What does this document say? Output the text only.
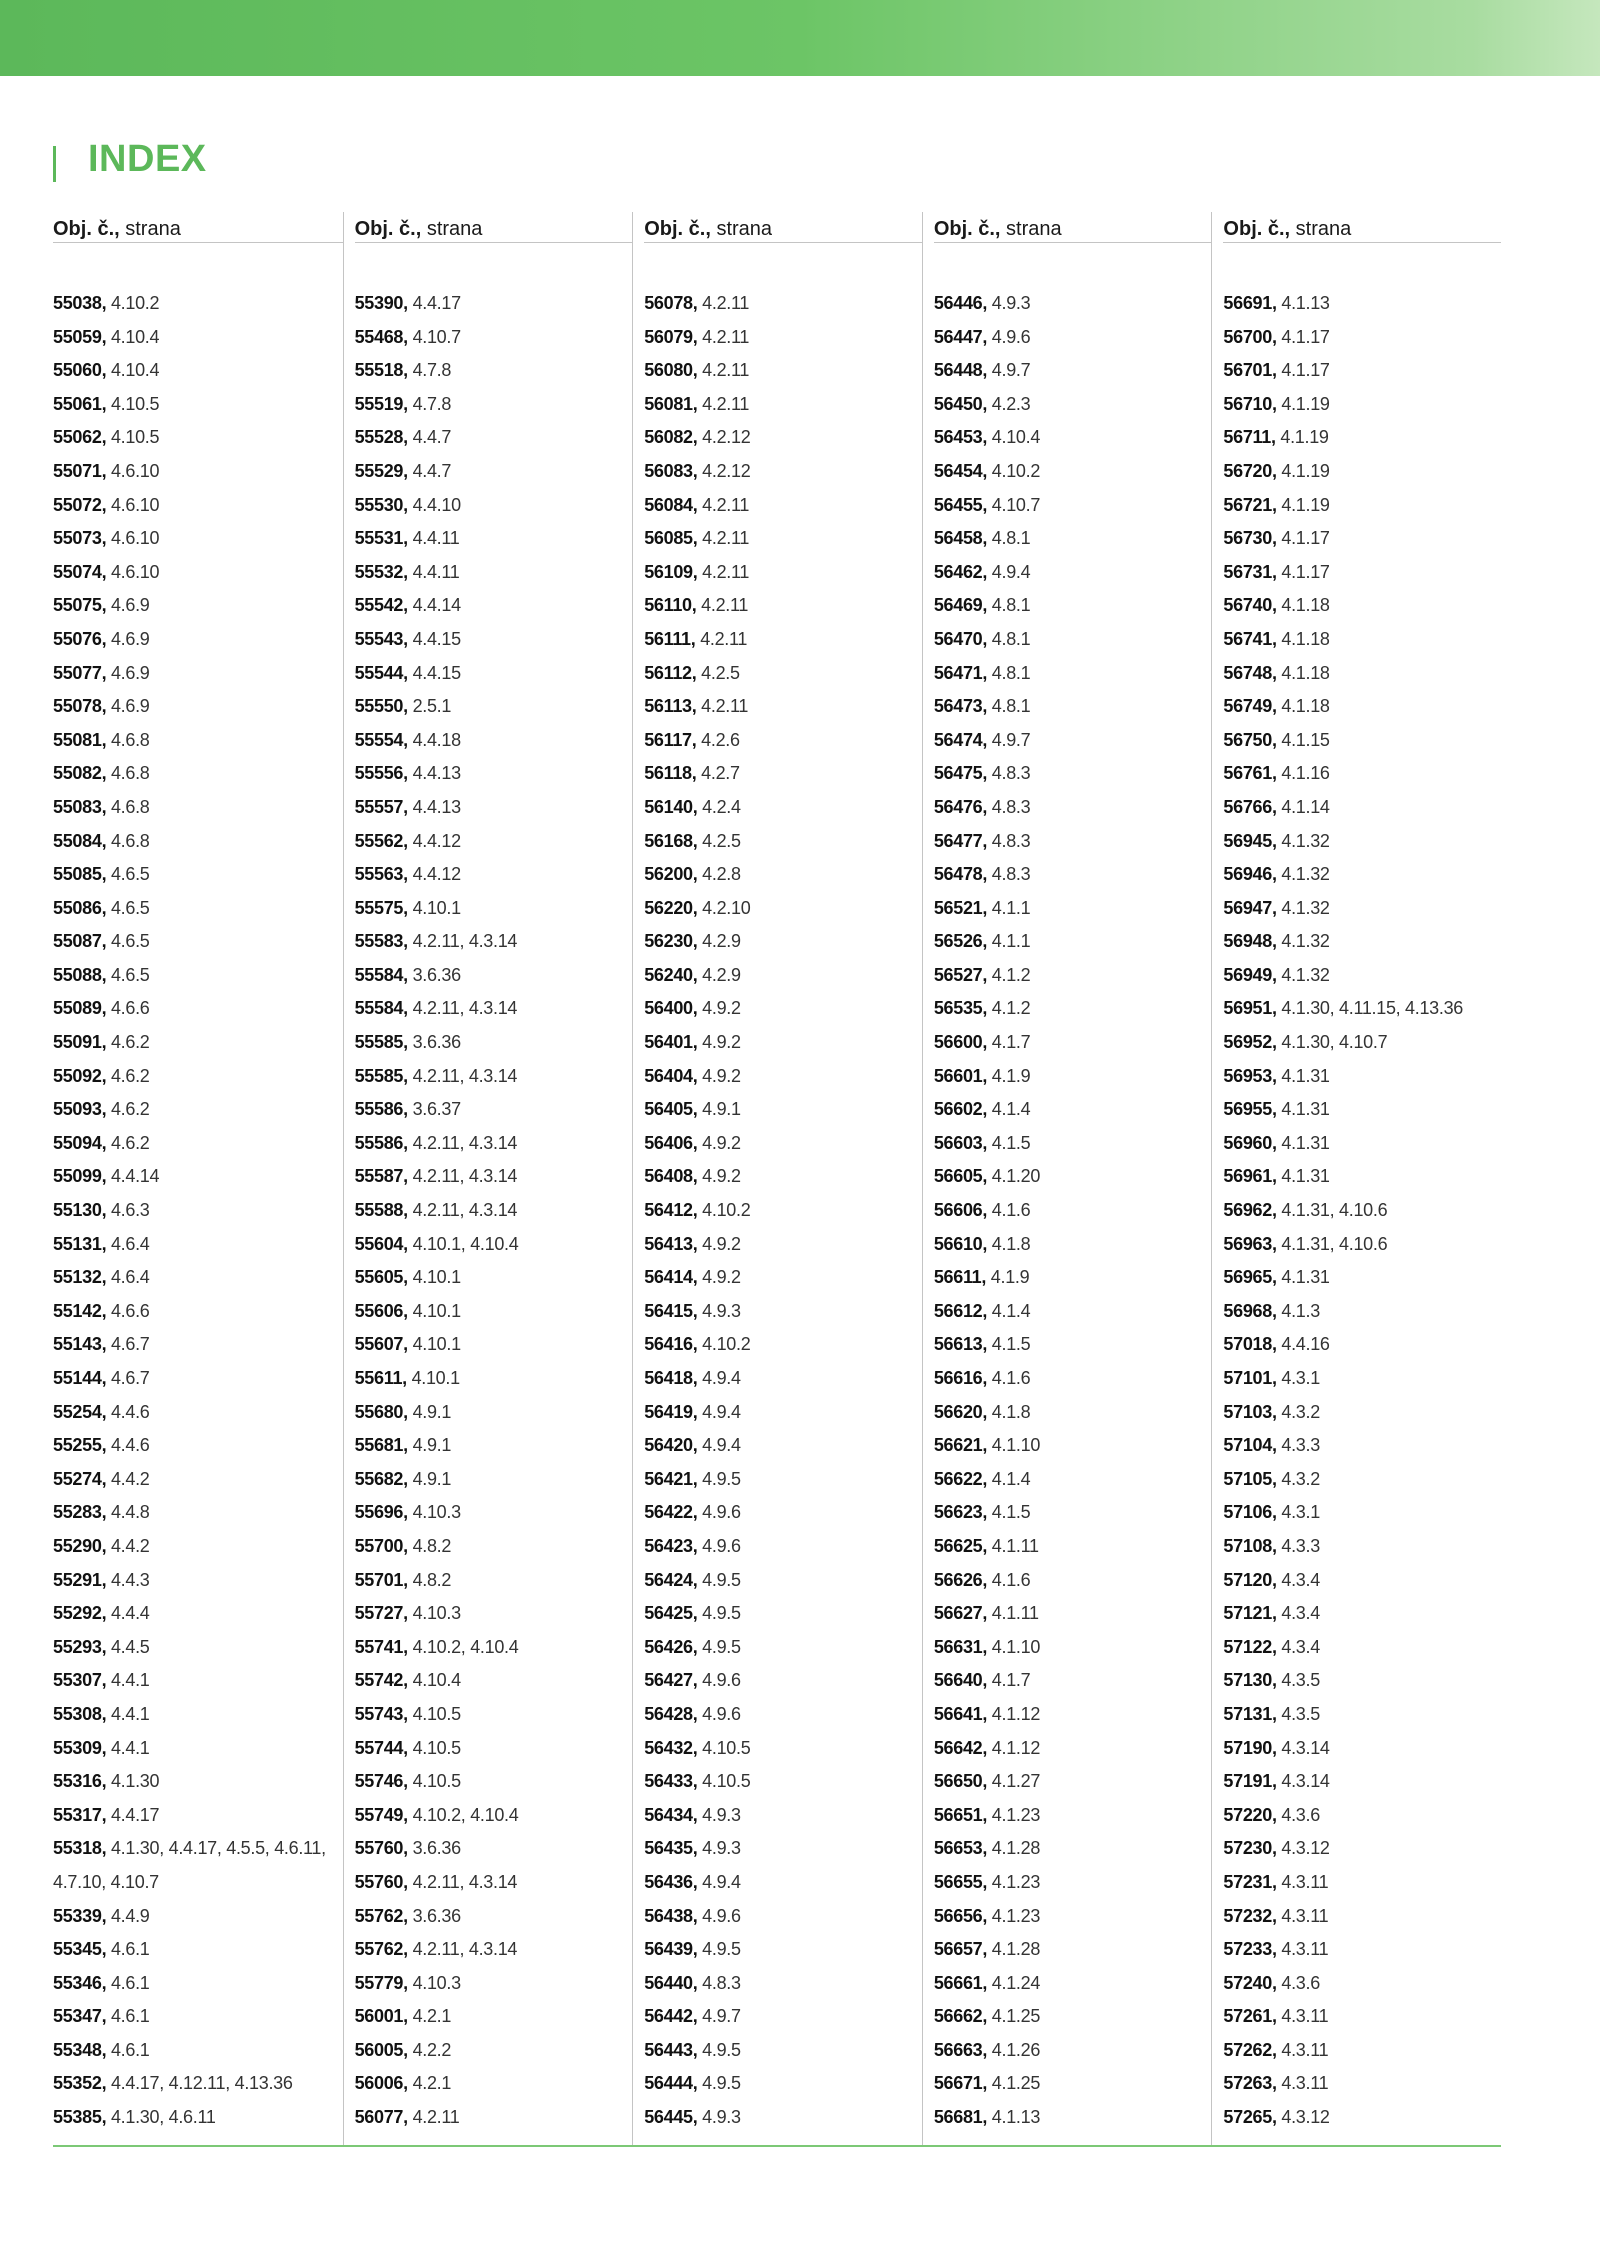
INDEX
Obj. č., strana
55038, 4.10.2
55059, 4.10.4
55060, 4.10.4
55061, 4.10.5
55062, 4.10.5
55071, 4.6.10
55072, 4.6.10
55073, 4.6.10
55074, 4.6.10
55075, 4.6.9
55076, 4.6.9
55077, 4.6.9
55078, 4.6.9
55081, 4.6.8
55082, 4.6.8
55083, 4.6.8
55084, 4.6.8
55085, 4.6.5
55086, 4.6.5
55087, 4.6.5
55088, 4.6.5
55089, 4.6.6
55091, 4.6.2
55092, 4.6.2
55093, 4.6.2
55094, 4.6.2
55099, 4.4.14
55130, 4.6.3
55131, 4.6.4
55132, 4.6.4
55142, 4.6.6
55143, 4.6.7
55144, 4.6.7
55254, 4.4.6
55255, 4.4.6
55274, 4.4.2
55283, 4.4.8
55290, 4.4.2
55291, 4.4.3
55292, 4.4.4
55293, 4.4.5
55307, 4.4.1
55308, 4.4.1
55309, 4.4.1
55316, 4.1.30
55317, 4.4.17
55318, 4.1.30, 4.4.17, 4.5.5, 4.6.11,
4.7.10, 4.10.7
55339, 4.4.9
55345, 4.6.1
55346, 4.6.1
55347, 4.6.1
55348, 4.6.1
55352, 4.4.17, 4.12.11, 4.13.36
55385, 4.1.30, 4.6.11
Obj. č., strana
55390, 4.4.17
55468, 4.10.7
55518, 4.7.8
55519, 4.7.8
55528, 4.4.7
55529, 4.4.7
55530, 4.4.10
55531, 4.4.11
55532, 4.4.11
55542, 4.4.14
55543, 4.4.15
55544, 4.4.15
55550, 2.5.1
55554, 4.4.18
55556, 4.4.13
55557, 4.4.13
55562, 4.4.12
55563, 4.4.12
55575, 4.10.1
55583, 4.2.11, 4.3.14
55584, 3.6.36
55584, 4.2.11, 4.3.14
55585, 3.6.36
55585, 4.2.11, 4.3.14
55586, 3.6.37
55586, 4.2.11, 4.3.14
55587, 4.2.11, 4.3.14
55588, 4.2.11, 4.3.14
55604, 4.10.1, 4.10.4
55605, 4.10.1
55606, 4.10.1
55607, 4.10.1
55611, 4.10.1
55680, 4.9.1
55681, 4.9.1
55682, 4.9.1
55696, 4.10.3
55700, 4.8.2
55701, 4.8.2
55727, 4.10.3
55741, 4.10.2, 4.10.4
55742, 4.10.4
55743, 4.10.5
55744, 4.10.5
55746, 4.10.5
55749, 4.10.2, 4.10.4
55760, 3.6.36
55760, 4.2.11, 4.3.14
55762, 3.6.36
55762, 4.2.11, 4.3.14
55779, 4.10.3
56001, 4.2.1
56005, 4.2.2
56006, 4.2.1
56077, 4.2.11
Obj. č., strana
56078, 4.2.11
56079, 4.2.11
56080, 4.2.11
56081, 4.2.11
56082, 4.2.12
56083, 4.2.12
56084, 4.2.11
56085, 4.2.11
56109, 4.2.11
56110, 4.2.11
56111, 4.2.11
56112, 4.2.5
56113, 4.2.11
56117, 4.2.6
56118, 4.2.7
56140, 4.2.4
56168, 4.2.5
56200, 4.2.8
56220, 4.2.10
56230, 4.2.9
56240, 4.2.9
56400, 4.9.2
56401, 4.9.2
56404, 4.9.2
56405, 4.9.1
56406, 4.9.2
56408, 4.9.2
56412, 4.10.2
56413, 4.9.2
56414, 4.9.2
56415, 4.9.3
56416, 4.10.2
56418, 4.9.4
56419, 4.9.4
56420, 4.9.4
56421, 4.9.5
56422, 4.9.6
56423, 4.9.6
56424, 4.9.5
56425, 4.9.5
56426, 4.9.5
56427, 4.9.6
56428, 4.9.6
56432, 4.10.5
56433, 4.10.5
56434, 4.9.3
56435, 4.9.3
56436, 4.9.4
56438, 4.9.6
56439, 4.9.5
56440, 4.8.3
56442, 4.9.7
56443, 4.9.5
56444, 4.9.5
56445, 4.9.3
Obj. č., strana
56446, 4.9.3
56447, 4.9.6
56448, 4.9.7
56450, 4.2.3
56453, 4.10.4
56454, 4.10.2
56455, 4.10.7
56458, 4.8.1
56462, 4.9.4
56469, 4.8.1
56470, 4.8.1
56471, 4.8.1
56473, 4.8.1
56474, 4.9.7
56475, 4.8.3
56476, 4.8.3
56477, 4.8.3
56478, 4.8.3
56521, 4.1.1
56526, 4.1.1
56527, 4.1.2
56535, 4.1.2
56600, 4.1.7
56601, 4.1.9
56602, 4.1.4
56603, 4.1.5
56605, 4.1.20
56606, 4.1.6
56610, 4.1.8
56611, 4.1.9
56612, 4.1.4
56613, 4.1.5
56616, 4.1.6
56620, 4.1.8
56621, 4.1.10
56622, 4.1.4
56623, 4.1.5
56625, 4.1.11
56626, 4.1.6
56627, 4.1.11
56631, 4.1.10
56640, 4.1.7
56641, 4.1.12
56642, 4.1.12
56650, 4.1.27
56651, 4.1.23
56653, 4.1.28
56655, 4.1.23
56656, 4.1.23
56657, 4.1.28
56661, 4.1.24
56662, 4.1.25
56663, 4.1.26
56671, 4.1.25
56681, 4.1.13
Obj. č., strana
56691, 4.1.13
56700, 4.1.17
56701, 4.1.17
56710, 4.1.19
56711, 4.1.19
56720, 4.1.19
56721, 4.1.19
56730, 4.1.17
56731, 4.1.17
56740, 4.1.18
56741, 4.1.18
56748, 4.1.18
56749, 4.1.18
56750, 4.1.15
56761, 4.1.16
56766, 4.1.14
56945, 4.1.32
56946, 4.1.32
56947, 4.1.32
56948, 4.1.32
56949, 4.1.32
56951, 4.1.30, 4.11.15, 4.13.36
56952, 4.1.30, 4.10.7
56953, 4.1.31
56955, 4.1.31
56960, 4.1.31
56961, 4.1.31
56962, 4.1.31, 4.10.6
56963, 4.1.31, 4.10.6
56965, 4.1.31
56968, 4.1.3
57018, 4.4.16
57101, 4.3.1
57103, 4.3.2
57104, 4.3.3
57105, 4.3.2
57106, 4.3.1
57108, 4.3.3
57120, 4.3.4
57121, 4.3.4
57122, 4.3.4
57130, 4.3.5
57131, 4.3.5
57190, 4.3.14
57191, 4.3.14
57220, 4.3.6
57230, 4.3.12
57231, 4.3.11
57232, 4.3.11
57233, 4.3.11
57240, 4.3.6
57261, 4.3.11
57262, 4.3.11
57263, 4.3.11
57265, 4.3.12
